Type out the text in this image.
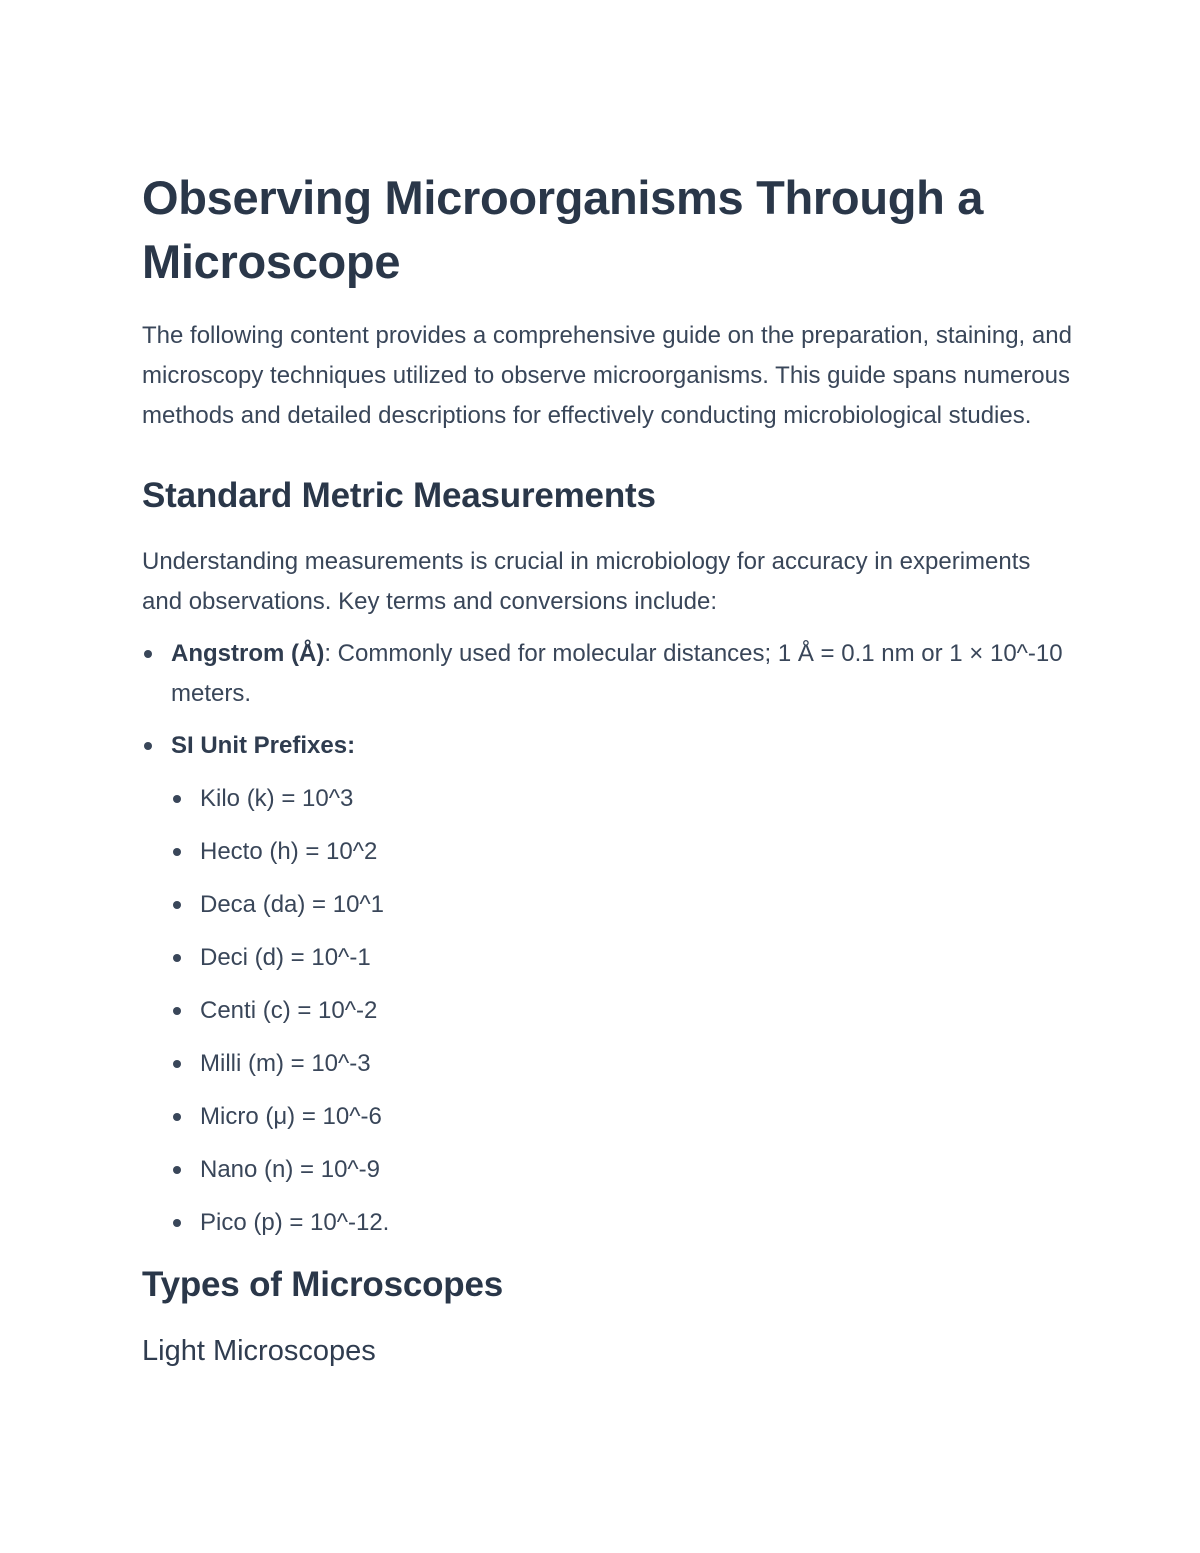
Observing Microorganisms Through a Microscope

The following content provides a comprehensive guide on the preparation, staining, and microscopy techniques utilized to observe microorganisms. This guide spans numerous methods and detailed descriptions for effectively conducting microbiological studies.

Standard Metric Measurements

Understanding measurements is crucial in microbiology for accuracy in experiments and observations. Key terms and conversions include:

Angstrom (Å): Commonly used for molecular distances; 1 Å = 0.1 nm or 1 × 10^-10 meters.
SI Unit Prefixes:
Kilo (k) = 10^3
Hecto (h) = 10^2
Deca (da) = 10^1
Deci (d) = 10^-1
Centi (c) = 10^-2
Milli (m) = 10^-3
Micro (μ) = 10^-6
Nano (n) = 10^-9
Pico (p) = 10^-12.
Types of Microscopes
Light Microscopes
